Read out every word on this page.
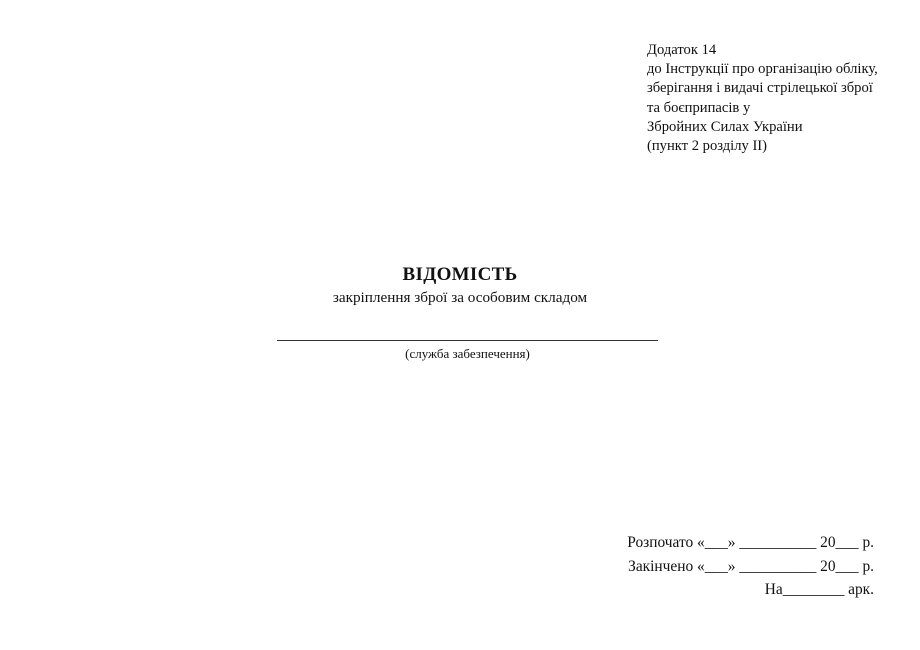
Додаток 14
до Інструкції про організацію обліку,
зберігання і видачі стрілецької зброї
та боєприпасів у
Збройних Силах України
(пункт 2 розділу II)
ВІДОМІСТЬ
закріплення зброї за особовим складом
(служба забезпечення)
Розпочато «___» __________ 20___ р.
Закінчено «___» __________ 20___ р.
На________ арк.
